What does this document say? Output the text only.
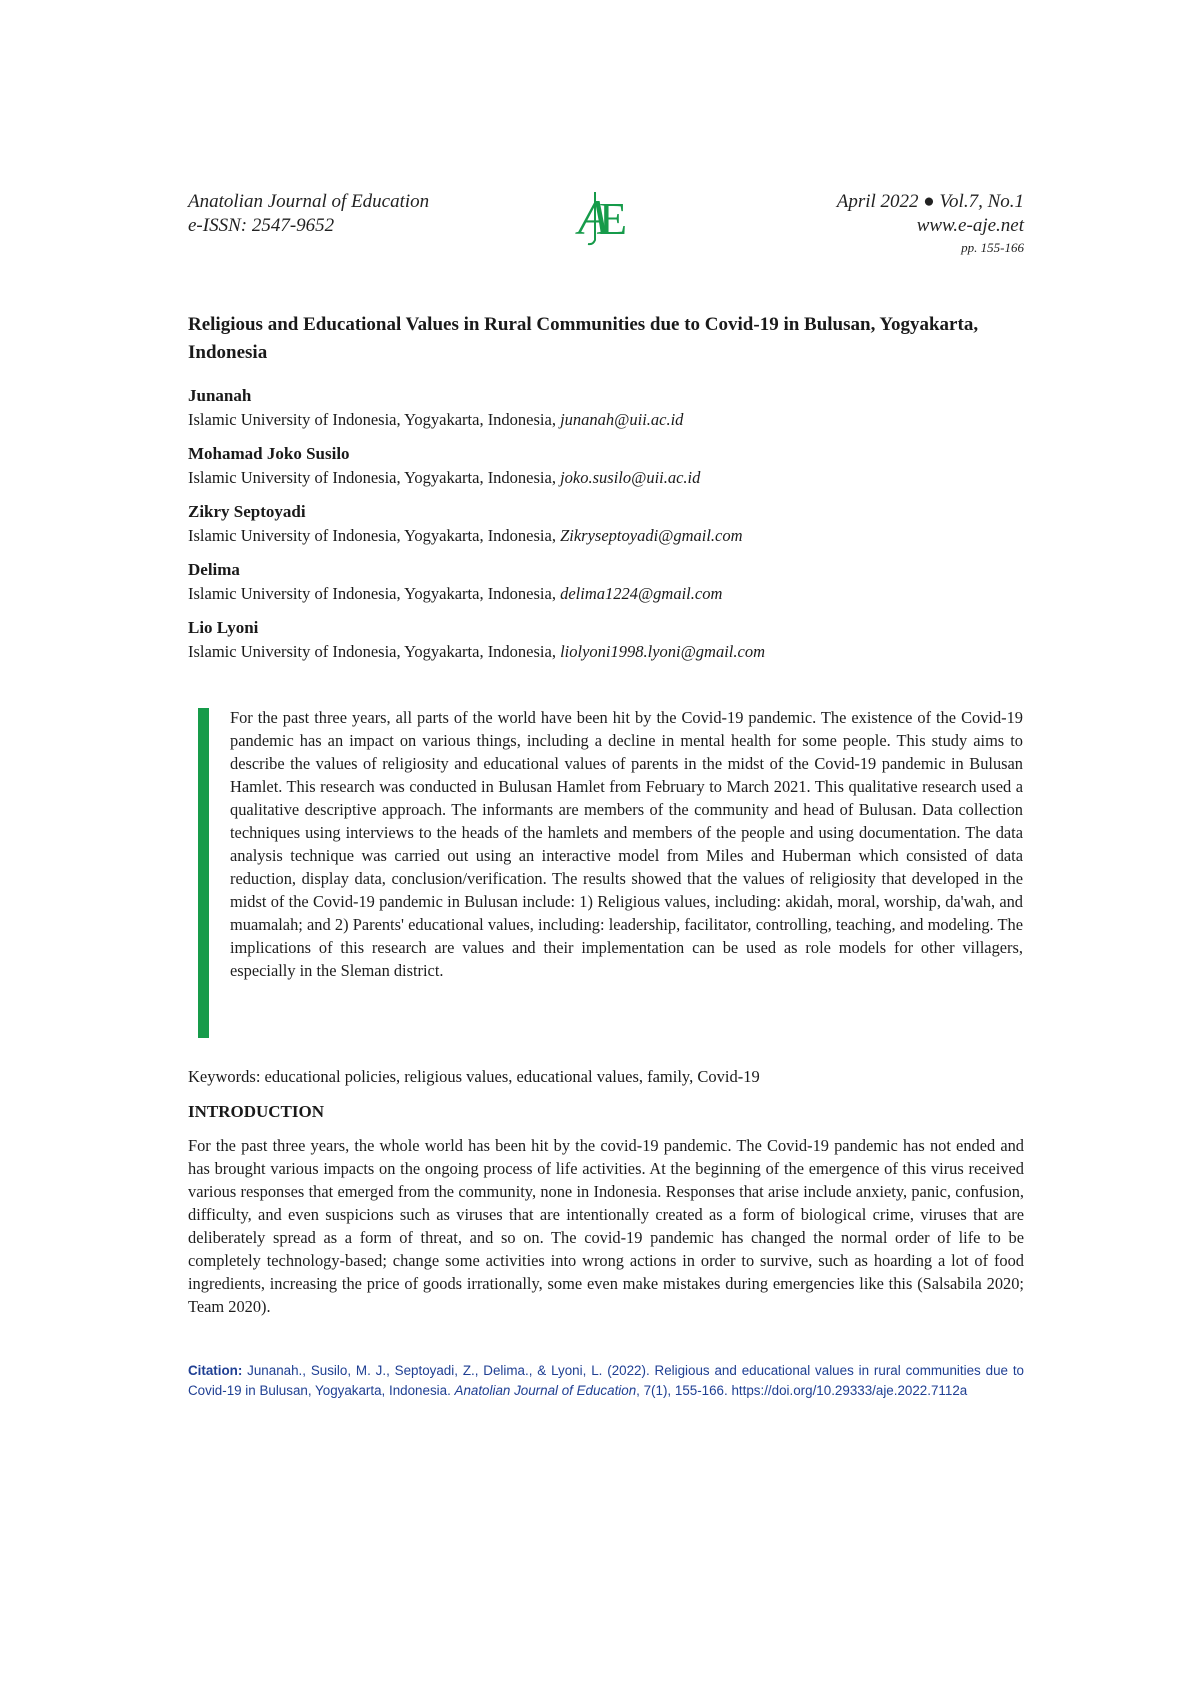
Anatolian Journal of Education
e-ISSN: 2547-9652	A
E	April 2022 ● Vol.7, No.1
www.e-aje.net
pp. 155-166
Religious and Educational Values in Rural Communities due to Covid-19 in Bulusan, Yogyakarta, Indonesia
Junanah
Islamic University of Indonesia, Yogyakarta, Indonesia, junanah@uii.ac.id
Mohamad Joko Susilo
Islamic University of Indonesia, Yogyakarta, Indonesia, joko.susilo@uii.ac.id
Zikry Septoyadi
Islamic University of Indonesia, Yogyakarta, Indonesia, Zikryseptoyadi@gmail.com
Delima
Islamic University of Indonesia, Yogyakarta, Indonesia, delima1224@gmail.com
Lio Lyoni
Islamic University of Indonesia, Yogyakarta, Indonesia, liolyoni1998.lyoni@gmail.com
For the past three years, all parts of the world have been hit by the Covid-19 pandemic. The existence of the Covid-19 pandemic has an impact on various things, including a decline in mental health for some people. This study aims to describe the values of religiosity and educational values of parents in the midst of the Covid-19 pandemic in Bulusan Hamlet. This research was conducted in Bulusan Hamlet from February to March 2021. This qualitative research used a qualitative descriptive approach. The informants are members of the community and head of Bulusan. Data collection techniques using interviews to the heads of the hamlets and members of the people and using documentation. The data analysis technique was carried out using an interactive model from Miles and Huberman which consisted of data reduction, display data, conclusion/verification. The results showed that the values of religiosity that developed in the midst of the Covid-19 pandemic in Bulusan include: 1) Religious values, including: akidah, moral, worship, da'wah, and muamalah; and 2) Parents' educational values, including: leadership, facilitator, controlling, teaching, and modeling. The implications of this research are values and their implementation can be used as role models for other villagers, especially in the Sleman district.
Keywords: educational policies, religious values, educational values, family, Covid-19
INTRODUCTION
For the past three years, the whole world has been hit by the covid-19 pandemic. The Covid-19 pandemic has not ended and has brought various impacts on the ongoing process of life activities. At the beginning of the emergence of this virus received various responses that emerged from the community, none in Indonesia. Responses that arise include anxiety, panic, confusion, difficulty, and even suspicions such as viruses that are intentionally created as a form of biological crime, viruses that are deliberately spread as a form of threat, and so on. The covid-19 pandemic has changed the normal order of life to be completely technology-based; change some activities into wrong actions in order to survive, such as hoarding a lot of food ingredients, increasing the price of goods irrationally, some even make mistakes during emergencies like this (Salsabila 2020; Team 2020).
Citation: Junanah., Susilo, M. J., Septoyadi, Z., Delima., & Lyoni, L. (2022). Religious and educational values in rural communities due to Covid-19 in Bulusan, Yogyakarta, Indonesia. Anatolian Journal of Education, 7(1), 155-166. https://doi.org/10.29333/aje.2022.7112a
